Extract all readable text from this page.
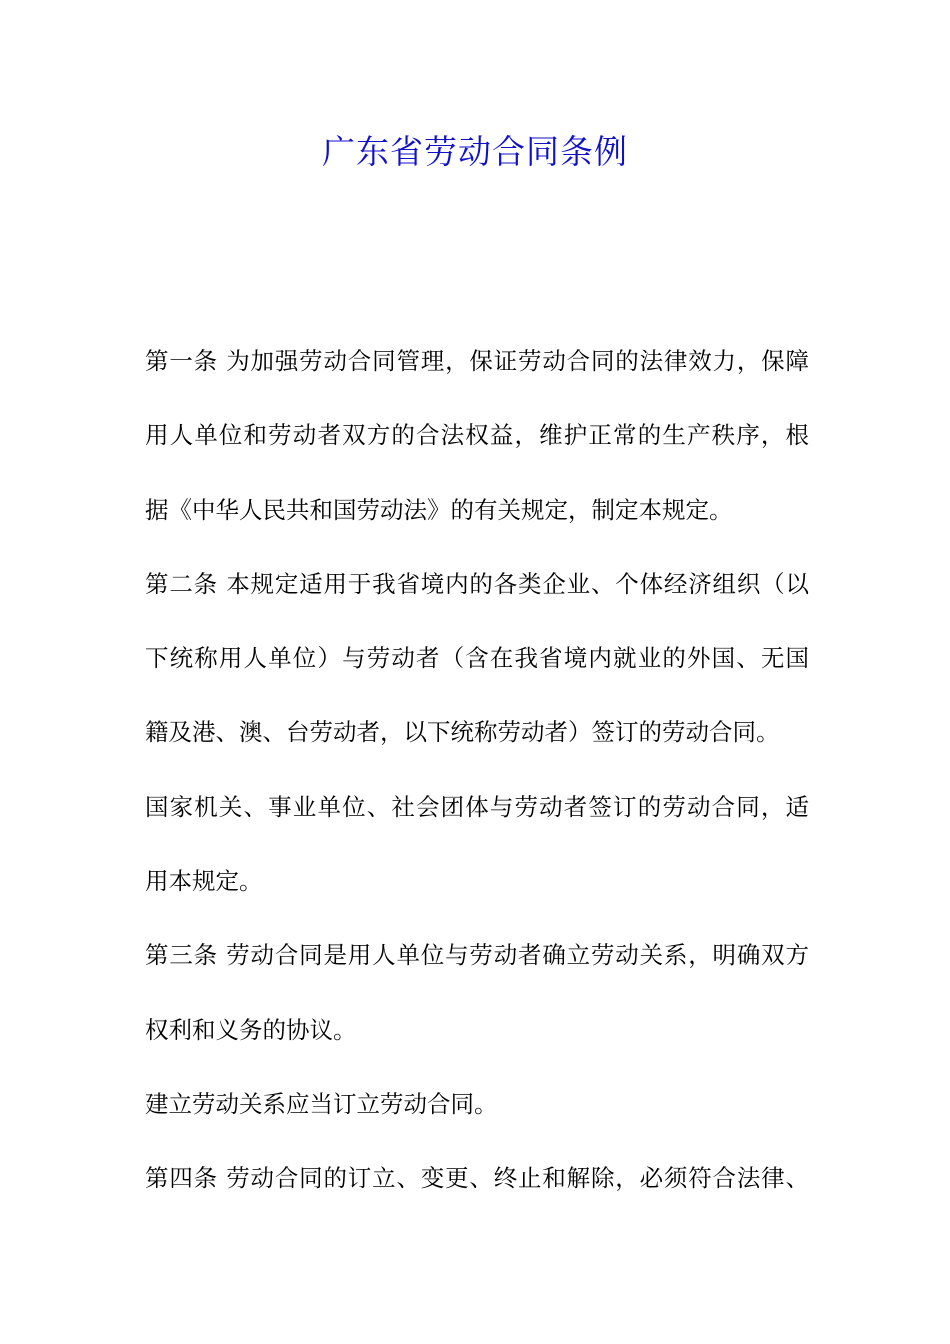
广东省劳动合同条例
第一条 为加强劳动合同管理，保证劳动合同的法律效力，保障
用人单位和劳动者双方的合法权益，维护正常的生产秩序，根
据《中华人民共和国劳动法》的有关规定，制定本规定。
第二条 本规定适用于我省境内的各类企业、个体经济组织（以
下统称用人单位）与劳动者（含在我省境内就业的外国、无国
籍及港、澳、台劳动者，以下统称劳动者）签订的劳动合同。
国家机关、事业单位、社会团体与劳动者签订的劳动合同，适
用本规定。
第三条 劳动合同是用人单位与劳动者确立劳动关系，明确双方
权利和义务的协议。
建立劳动关系应当订立劳动合同。
第四条 劳动合同的订立、变更、终止和解除，必须符合法律、
